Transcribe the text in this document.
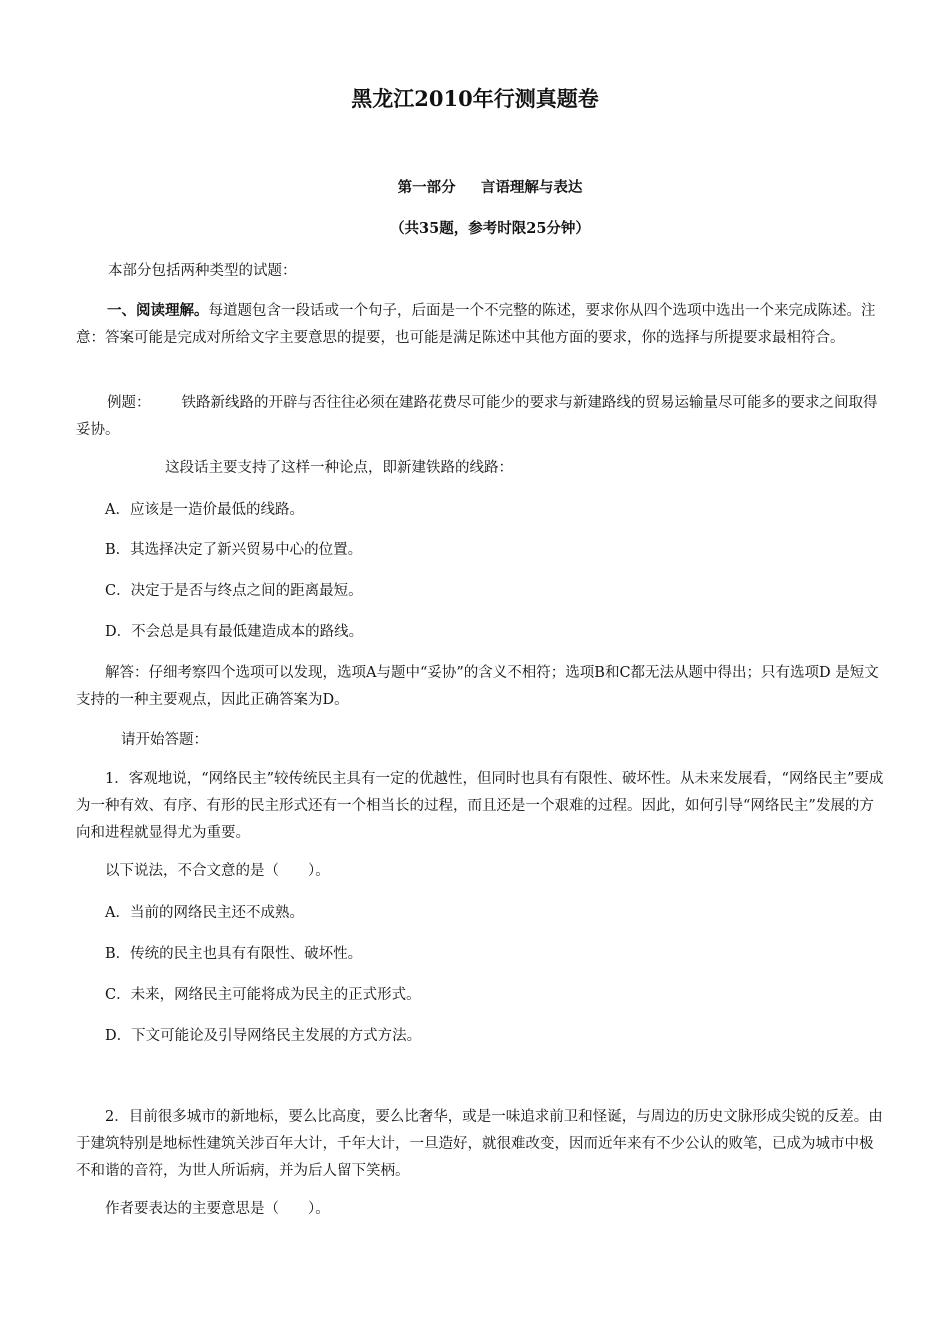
黑龙江2010年行测真题卷

第一部分     言语理解与表达

（共35题，参考时限25分钟）

本部分包括两种类型的试题：

一、阅读理解。每道题包含一段话或一个句子，后面是一个不完整的陈述，要求你从四个选项中选出一个来完成陈述。注意：答案可能是完成对所给文字主要意思的提要，也可能是满足陈述中其他方面的要求，你的选择与所提要求最相符合。

例题： 铁路新线路的开辟与否往往必须在建路花费尽可能少的要求与新建路线的贸易运输量尽可能多的要求之间取得妥协。

这段话主要支持了这样一种论点，即新建铁路的线路：

A．应该是一造价最低的线路。

B．其选择决定了新兴贸易中心的位置。

C．决定于是否与终点之间的距离最短。

D．不会总是具有最低建造成本的路线。

解答：仔细考察四个选项可以发现，选项A与题中“妥协”的含义不相符；选项B和C都无法从题中得出；只有选项D 是短文支持的一种主要观点，因此正确答案为D。

请开始答题：

1．客观地说，“网络民主”较传统民主具有一定的优越性，但同时也具有有限性、破坏性。从未来发展看，“网络民主”要成为一种有效、有序、有形的民主形式还有一个相当长的过程，而且还是一个艰难的过程。因此，如何引导“网络民主”发展的方向和进程就显得尤为重要。

以下说法，不合文意的是（　　）。

A．当前的网络民主还不成熟。

B．传统的民主也具有有限性、破坏性。

C．未来，网络民主可能将成为民主的正式形式。

D．下文可能论及引导网络民主发展的方式方法。

2．目前很多城市的新地标，要么比高度，要么比奢华，或是一味追求前卫和怪诞，与周边的历史文脉形成尖锐的反差。由于建筑特别是地标性建筑关涉百年大计，千年大计，一旦造好，就很难改变，因而近年来有不少公认的败笔，已成为城市中极不和谐的音符，为世人所诟病，并为后人留下笑柄。

作者要表达的主要意思是（　　）。
